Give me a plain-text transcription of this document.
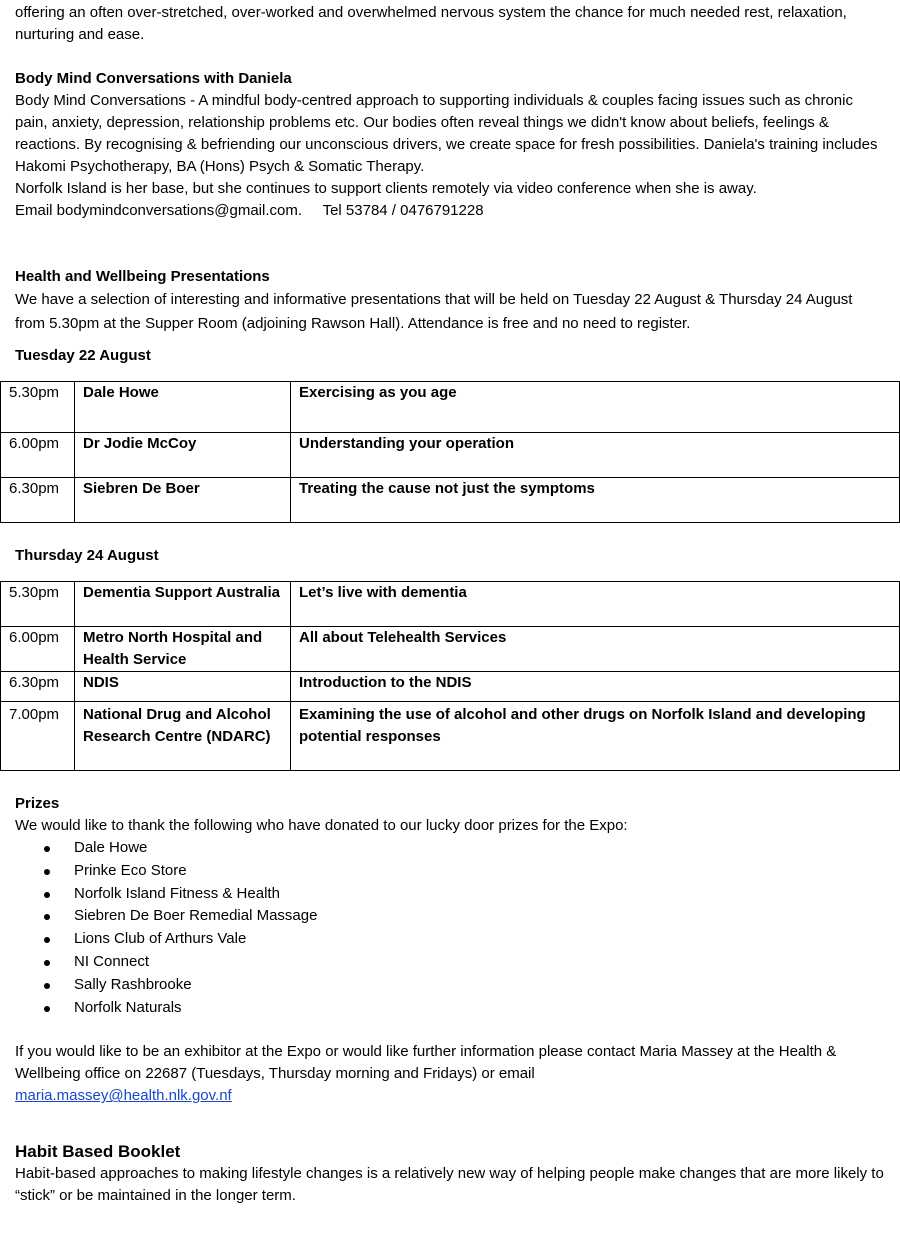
offering an often over-stretched, over-worked and overwhelmed nervous system the chance for much needed rest, relaxation, nurturing and ease.

Body Mind Conversations with Daniela

Body Mind Conversations - A mindful body-centred approach to supporting individuals & couples facing issues such as chronic pain, anxiety, depression, relationship problems etc. Our bodies often reveal things we didn't know about beliefs, feelings & reactions. By recognising & befriending our unconscious drivers, we create space for fresh possibilities. Daniela's training includes Hakomi Psychotherapy, BA (Hons) Psych & Somatic Therapy.

Norfolk Island is her base, but she continues to support clients remotely via video conference when she is away.

Email bodymindconversations@gmail.com.     Tel 53784 / 0476791228

Health and Wellbeing Presentations

We have a selection of interesting and informative presentations that will be held on Tuesday 22 August & Thursday 24 August from 5.30pm at the Supper Room (adjoining Rawson Hall). Attendance is free and no need to register.

Tuesday 22 August

5.30pm	Dale Howe	Exercising as you age
6.00pm	Dr Jodie McCoy	Understanding your operation
6.30pm	Siebren De Boer	Treating the cause not just the symptoms

Thursday 24 August

5.30pm	Dementia Support Australia	Let’s live with dementia
6.00pm	Metro North Hospital and Health Service	All about Telehealth Services
6.30pm	NDIS	Introduction to the NDIS
7.00pm	National Drug and Alcohol Research Centre (NDARC)	Examining the use of alcohol and other drugs on Norfolk Island and developing potential responses

Prizes

We would like to thank the following who have donated to our lucky door prizes for the Expo:

Dale Howe
Prinke Eco Store
Norfolk Island Fitness & Health
Siebren De Boer Remedial Massage
Lions Club of Arthurs Vale
NI Connect
Sally Rashbrooke
Norfolk Naturals

If you would like to be an exhibitor at the Expo or would like further information please contact Maria Massey at the Health & Wellbeing office on 22687 (Tuesdays, Thursday morning and Fridays) or email

maria.massey@health.nlk.gov.nf

Habit Based Booklet

Habit-based approaches to making lifestyle changes is a relatively new way of helping people make changes that are more likely to “stick” or be maintained in the longer term.
